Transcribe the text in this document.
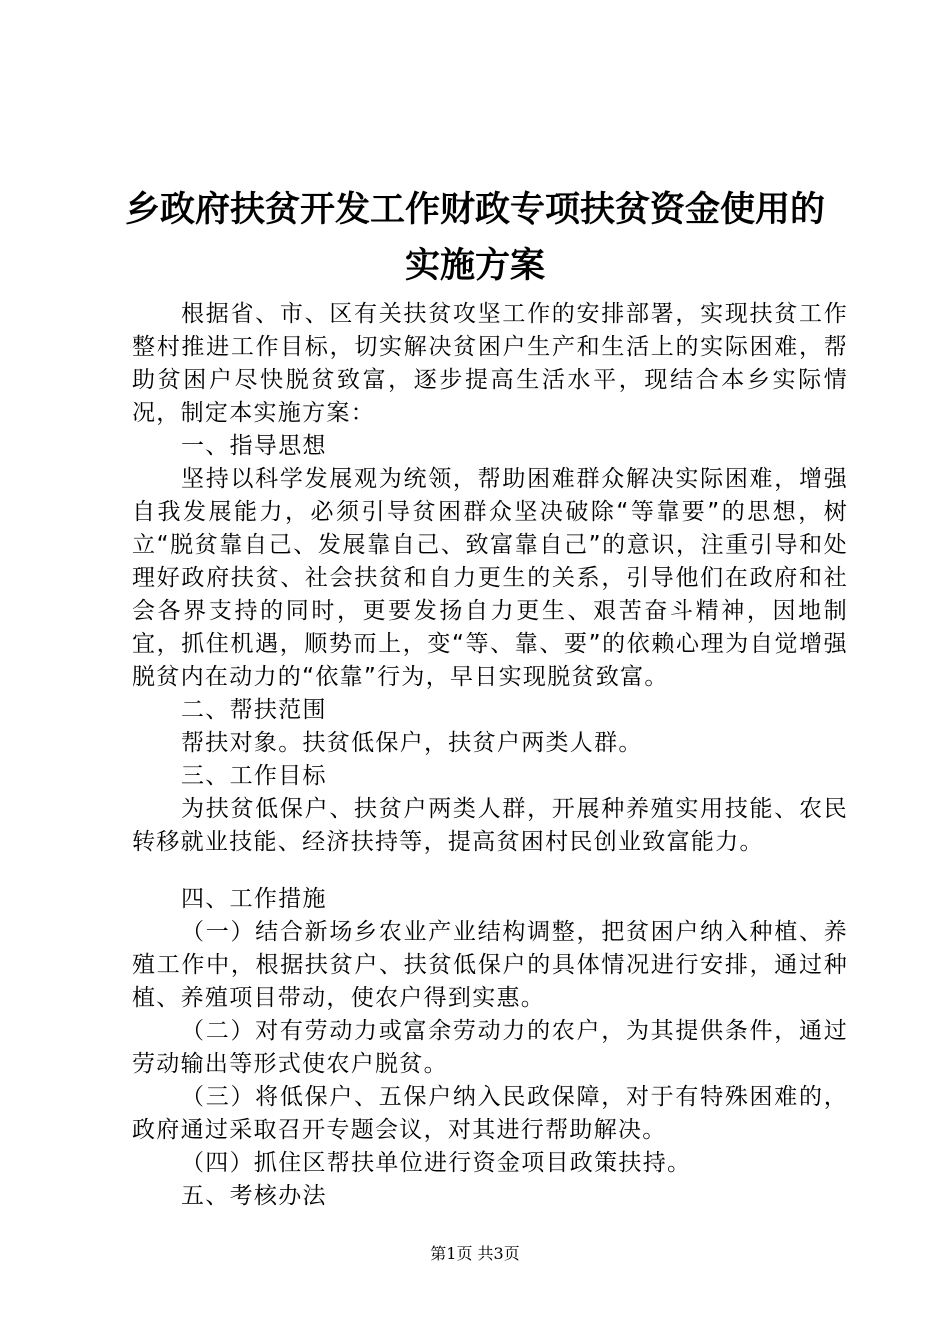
乡政府扶贫开发工作财政专项扶贫资金使用的
实施方案

根据省、市、区有关扶贫攻坚工作的安排部署，实现扶贫工作整村推进工作目标，切实解决贫困户生产和生活上的实际困难，帮助贫困户尽快脱贫致富，逐步提高生活水平，现结合本乡实际情况，制定本实施方案：

一、指导思想

坚持以科学发展观为统领，帮助困难群众解决实际困难，增强自我发展能力，必须引导贫困群众坚决破除“等靠要”的思想，树立“脱贫靠自己、发展靠自己、致富靠自己”的意识，注重引导和处理好政府扶贫、社会扶贫和自力更生的关系，引导他们在政府和社会各界支持的同时，更要发扬自力更生、艰苦奋斗精神，因地制宜，抓住机遇，顺势而上，变“等、靠、要”的依赖心理为自觉增强脱贫内在动力的“依靠”行为，早日实现脱贫致富。

二、帮扶范围

帮扶对象。扶贫低保户，扶贫户两类人群。

三、工作目标

为扶贫低保户、扶贫户两类人群，开展种养殖实用技能、农民转移就业技能、经济扶持等，提高贫困村民创业致富能力。

四、工作措施

（一）结合新场乡农业产业结构调整，把贫困户纳入种植、养殖工作中，根据扶贫户、扶贫低保户的具体情况进行安排，通过种植、养殖项目带动，使农户得到实惠。

（二）对有劳动力或富余劳动力的农户，为其提供条件，通过劳动输出等形式使农户脱贫。

（三）将低保户、五保户纳入民政保障，对于有特殊困难的，政府通过采取召开专题会议，对其进行帮助解决。

（四）抓住区帮扶单位进行资金项目政策扶持。

五、考核办法

第1页 共3页
